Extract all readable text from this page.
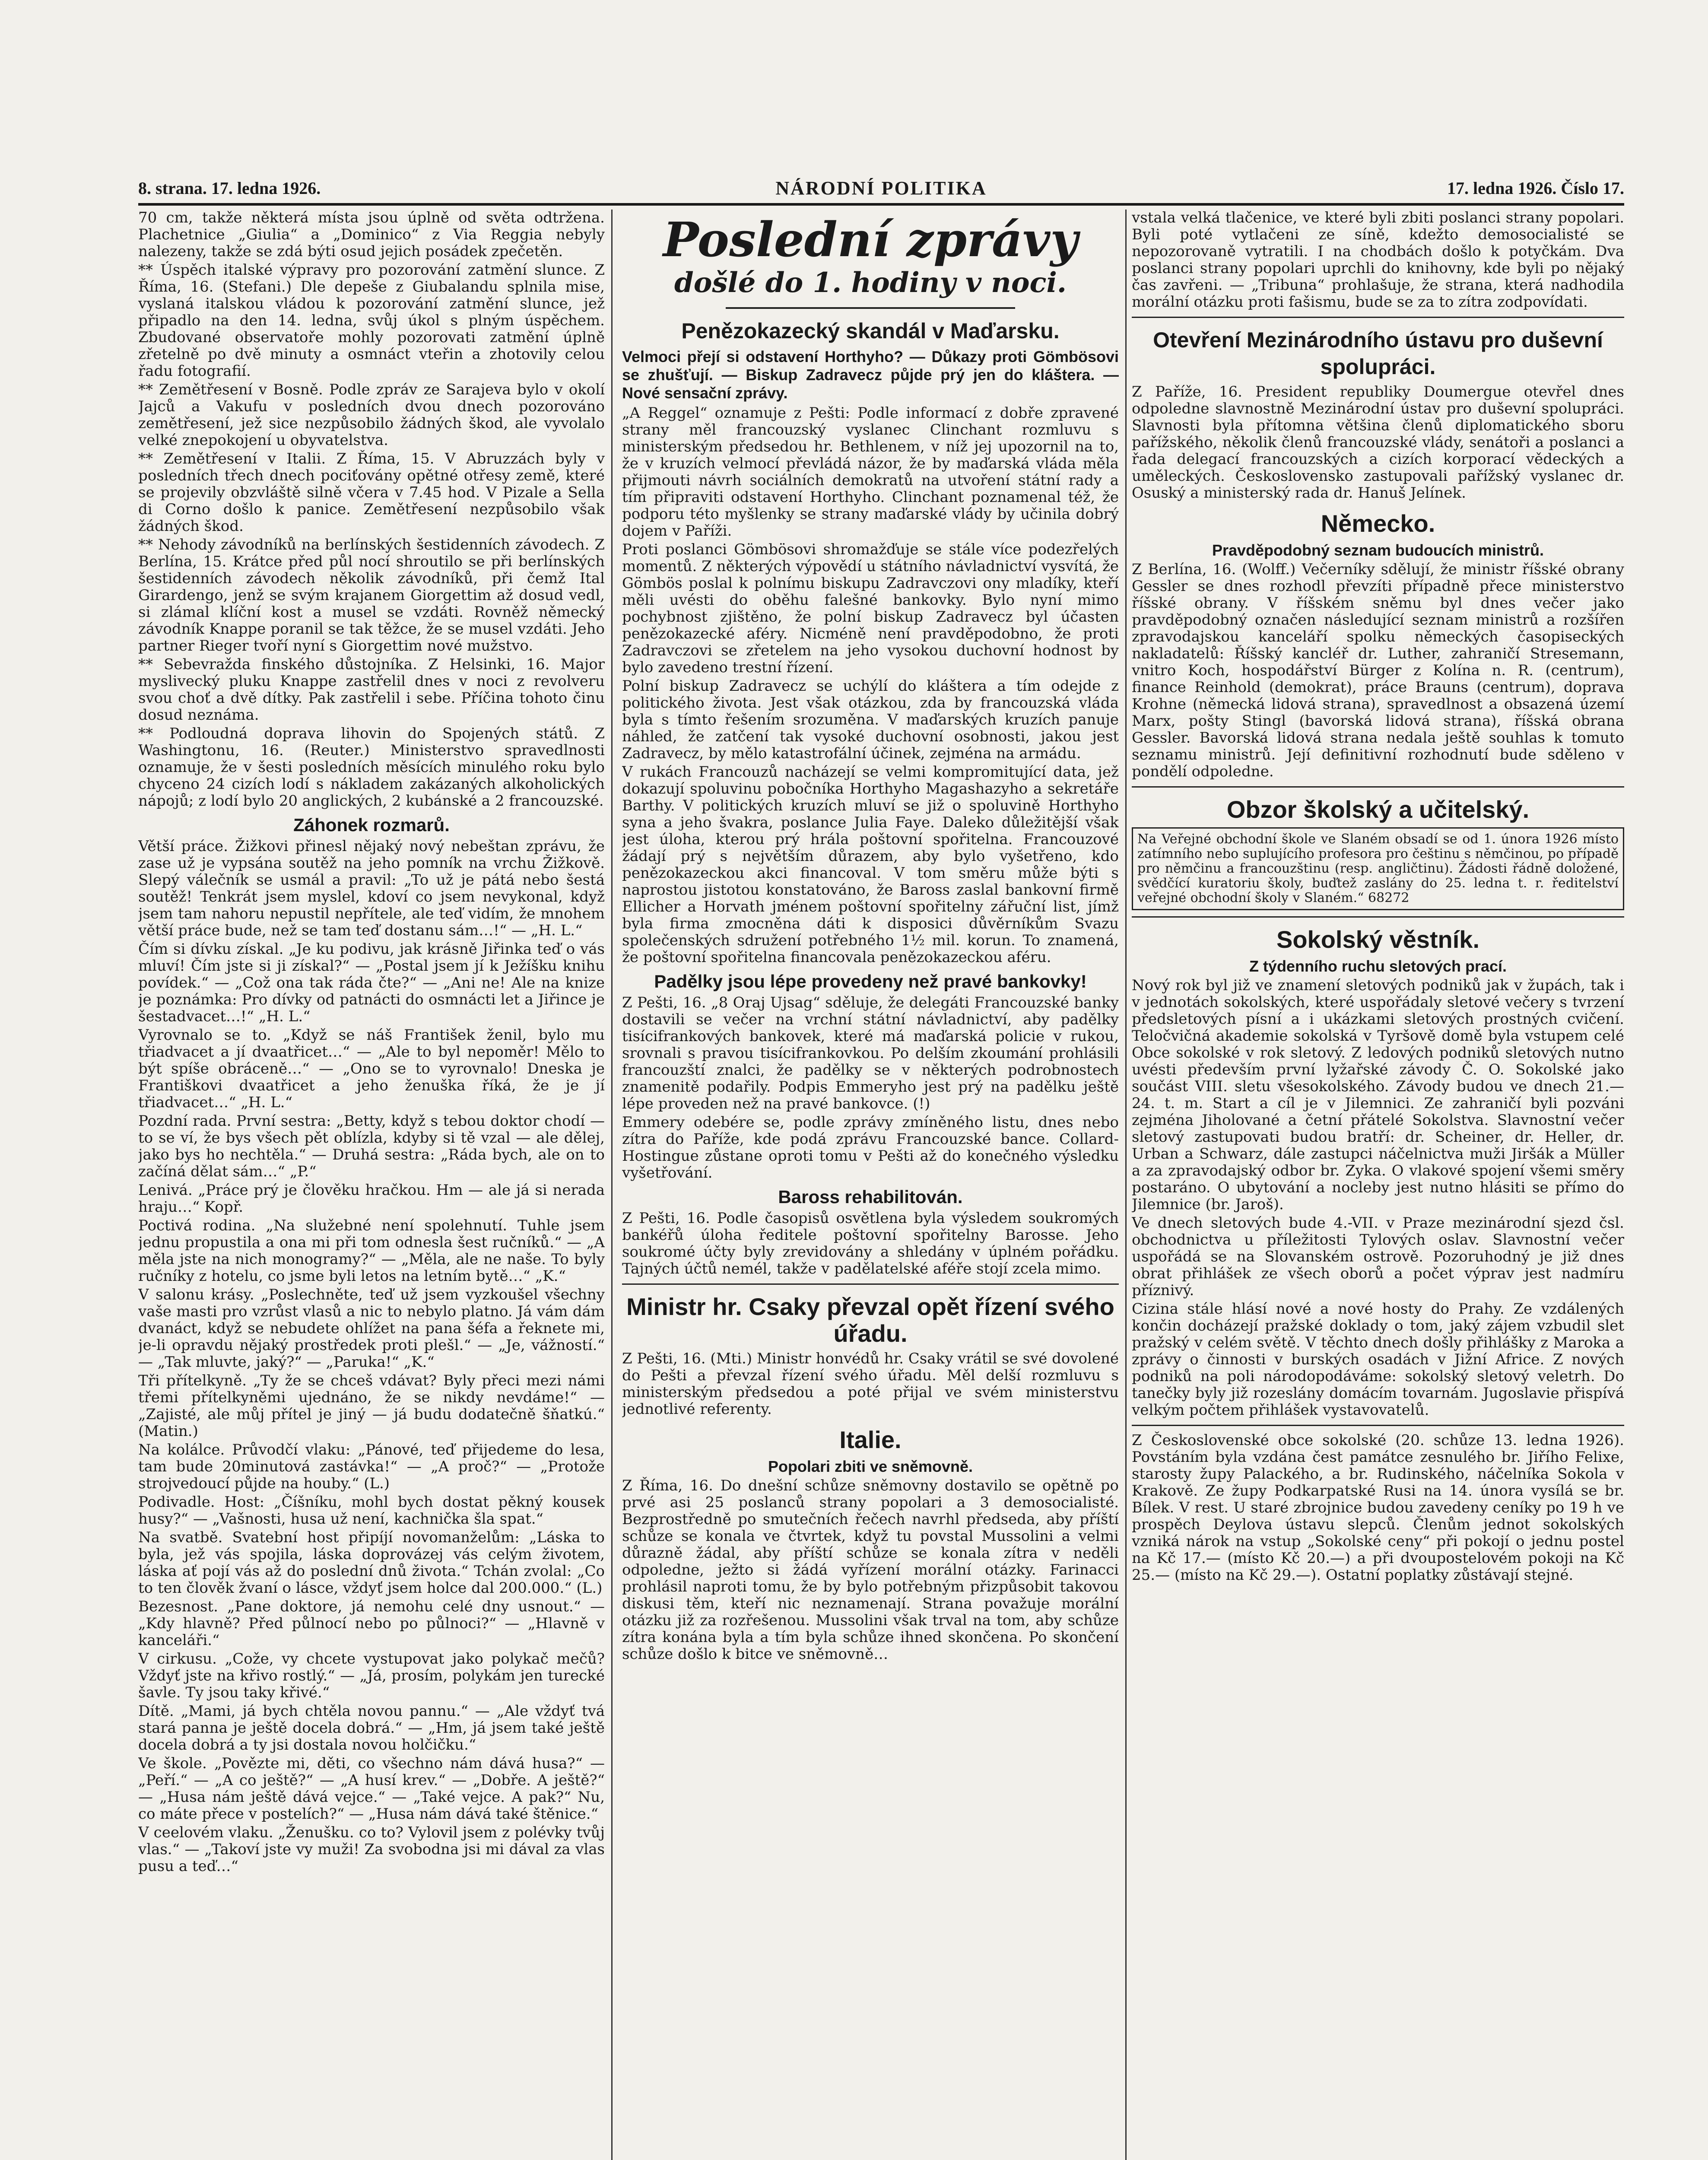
8. strana. 17. ledna 1926.	NÁRODNÍ POLITIKA	17. ledna 1926. Číslo 17.

70 cm, takže některá místa jsou úplně od světa odtržena. Plachetnice „Giulia“ a „Dominico“ z Via Reggia nebyly nalezeny, takže se zdá býti osud jejich posádek zpečetěn.

** Úspěch italské výpravy pro pozorování zatmění slunce. Z Říma, 16. (Stefani.) Dle depeše z Giubalandu splnila mise, vyslaná italskou vládou k pozorování zatmění slunce, jež připadlo na den 14. ledna, svůj úkol s plným úspěchem. Zbudované observatoře mohly pozorovati zatmění úplně zřetelně po dvě minuty a osmnáct vteřin a zhotovily celou řadu fotografií.

** Zemětřesení v Bosně. Podle zpráv ze Sarajeva bylo v okolí Jajců a Vakufu v posledních dvou dnech pozorováno zemětřesení, jež sice nezpůsobilo žádných škod, ale vyvolalo velké znepokojení u obyvatelstva.

** Zemětřesení v Italii. Z Říma, 15. V Abruzzách byly v posledních třech dnech pociťovány opětné otřesy země, které se projevily obzvláště silně včera v 7.45 hod. V Pizale a Sella di Corno došlo k panice. Zemětřesení nezpůsobilo však žádných škod.

** Nehody závodníků na berlínských šestidenních závodech. Z Berlína, 15. Krátce před půl nocí shroutilo se při berlínských šestidenních závodech několik závodníků, při čemž Ital Girardengo, jenž se svým krajanem Giorgettim až dosud vedl, si zlámal klíční kost a musel se vzdáti. Rovněž německý závodník Knappe poranil se tak těžce, že se musel vzdáti. Jeho partner Rieger tvoří nyní s Giorgettim nové mužstvo.

** Sebevražda finského důstojníka. Z Helsinki, 16. Major myslivecký pluku Knappe zastřelil dnes v noci z revolveru svou choť a dvě dítky. Pak zastřelil i sebe. Příčina tohoto činu dosud neznáma.

** Podloudná doprava lihovin do Spojených států. Z Washingtonu, 16. (Reuter.) Ministerstvo spravedlnosti oznamuje, že v šesti posledních měsících minulého roku bylo chyceno 24 cizích lodí s nákladem zakázaných alkoholických nápojů; z lodí bylo 20 anglických, 2 kubánské a 2 francouzské.

Záhonek rozmarů.

Větší práce. Žižkovi přinesl nějaký nový nebeštan zprávu, že zase už je vypsána soutěž na jeho pomník na vrchu Žižkově. Slepý válečník se usmál a pravil: „To už je pátá nebo šestá soutěž! Tenkrát jsem myslel, kdoví co jsem nevykonal, když jsem tam nahoru nepustil nepřítele, ale teď vidím, že mnohem větší práce bude, než se tam teď dostanu sám…!“ — „H. L.“

Čím si dívku získal. „Je ku podivu, jak krásně Jiřinka teď o vás mluví! Čím jste si ji získal?“ — „Postal jsem jí k Ježíšku knihu povídek.“ — „Což ona tak ráda čte?“ — „Ani ne! Ale na knize je poznámka: Pro dívky od patnácti do osmnácti let a Jiřince je šestadvacet…!“ „H. L.“

Vyrovnalo se to. „Když se náš František ženil, bylo mu třiadvacet a jí dvaatřicet…“ — „Ale to byl nepoměr! Mělo to být spíše obráceně…“ — „Ono se to vyrovnalo! Dneska je Františkovi dvaatřicet a jeho ženuška říká, že je jí třiadvacet…“ „H. L.“

Pozdní rada. První sestra: „Betty, když s tebou doktor chodí — to se ví, že bys všech pět oblízla, kdyby si tě vzal — ale dělej, jako bys ho nechtěla.“ — Druhá sestra: „Ráda bych, ale on to začíná dělat sám…“ „P.“

Lenivá. „Práce prý je člověku hračkou. Hm — ale já si nerada hraju…“ Kopř.

Poctivá rodina. „Na služebné není spolehnutí. Tuhle jsem jednu propustila a ona mi při tom odnesla šest ručníků.“ — „A měla jste na nich monogramy?“ — „Měla, ale ne naše. To byly ručníky z hotelu, co jsme byli letos na letním bytě…“ „K.“

V salonu krásy. „Poslechněte, teď už jsem vyzkoušel všechny vaše masti pro vzrůst vlasů a nic to nebylo platno. Já vám dám dvanáct, když se nebudete ohlížet na pana šéfa a řeknete mi, je-li opravdu nějaký prostředek proti plešl.“ — „Je, vážností.“ — „Tak mluvte, jaký?“ — „Paruka!“ „K.“

Tři přítelkyně. „Ty že se chceš vdávat? Byly přeci mezi námi třemi přítelkyněmi ujednáno, že se nikdy nevdáme!“ — „Zajisté, ale můj přítel je jiný — já budu dodatečně šňatkú.“ (Matin.)

Na kolálce. Průvodčí vlaku: „Pánové, teď přijedeme do lesa, tam bude 20minutová zastávka!“ — „A proč?“ — „Protože strojvedoucí půjde na houby.“ (L.)

Podivadle. Host: „Číšníku, mohl bych dostat pěkný kousek husy?“ — „Vašnosti, husa už není, kachnička šla spat.“

Na svatbě. Svatební host připíjí novomanželům: „Láska to byla, jež vás spojila, láska doprovázej vás celým životem, láska ať pojí vás až do poslední dnů života.“ Tchán zvolal: „Co to ten člověk žvaní o lásce, vždyť jsem holce dal 200.000.“ (L.)

Bezesnost. „Pane doktore, já nemohu celé dny usnout.“ — „Kdy hlavně? Před půlnocí nebo po půlnoci?“ — „Hlavně v kanceláři.“

V cirkusu. „Cože, vy chcete vystupovat jako polykač mečů? Vždyť jste na křivo rostlý.“ — „Já, prosím, polykám jen turecké šavle. Ty jsou taky křivé.“

Dítě. „Mami, já bych chtěla novou pannu.“ — „Ale vždyť tvá stará panna je ještě docela dobrá.“ — „Hm, já jsem také ještě docela dobrá a ty jsi dostala novou holčičku.“

Ve škole. „Povězte mi, děti, co všechno nám dává husa?“ — „Peří.“ — „A co ještě?“ — „A husí krev.“ — „Dobře. A ještě?“ — „Husa nám ještě dává vejce.“ — „Také vejce. A pak?“ Nu, co máte přece v postelích?“ — „Husa nám dává také štěnice.“

V ceelovém vlaku. „Ženušku. co to? Vylovil jsem z polévky tvůj vlas.“ — „Takoví jste vy muži! Za svobodna jsi mi dával za vlas pusu a teď…“

Poslední zprávy
došlé do 1. hodiny v noci.
Penězokazecký skandál v Maďarsku.
Velmoci přejí si odstavení Horthyho? — Důkazy proti Gömbösovi se zhušťují. — Biskup Zadravecz půjde prý jen do kláštera. — Nové sensační zprávy.

„A Reggel“ oznamuje z Pešti: Podle informací z dobře zpravené strany měl francouzský vyslanec Clinchant rozmluvu s ministerským předsedou hr. Bethlenem, v níž jej upozornil na to, že v kruzích velmocí převládá názor, že by maďarská vláda měla přijmouti návrh sociálních demokratů na utvoření státní rady a tím připraviti odstavení Horthyho. Clinchant poznamenal též, že podporu této myšlenky se strany maďarské vlády by učinila dobrý dojem v Paříži.

Proti poslanci Gömbösovi shromažďuje se stále více podezřelých momentů. Z některých výpovědí u státního návladnictví vysvítá, že Gömbös poslal k polnímu biskupu Zadravczovi ony mladíky, kteří měli uvésti do oběhu falešné bankovky. Bylo nyní mimo pochybnost zjištěno, že polní biskup Zadravecz byl účasten penězokazecké aféry. Nicméně není pravděpodobno, že proti Zadravczovi se zřetelem na jeho vysokou duchovní hodnost by bylo zavedeno trestní řízení.

Polní biskup Zadravecz se uchýlí do kláštera a tím odejde z politického života. Jest však otázkou, zda by francouzská vláda byla s tímto řešením srozuměna. V maďarských kruzích panuje náhled, že zatčení tak vysoké duchovní osobnosti, jakou jest Zadravecz, by mělo katastrofální účinek, zejména na armádu.

V rukách Francouzů nacházejí se velmi kompromitující data, jež dokazují spoluvinu pobočníka Horthyho Magashazyho a sekretáře Barthy. V politických kruzích mluví se již o spoluvině Horthyho syna a jeho švakra, poslance Julia Faye. Daleko důležitější však jest úloha, kterou prý hrála poštovní spořitelna. Francouzové žádají prý s největším důrazem, aby bylo vyšetřeno, kdo penězokazeckou akci financoval. V tom směru může býti s naprostou jistotou konstatováno, že Baross zaslal bankovní firmě Ellicher a Horvath jménem poštovní spořitelny zářuční list, jímž byla firma zmocněna dáti k disposici důvěrníkům Svazu společenských sdružení potřebného 1½ mil. korun. To znamená, že poštovní spořitelna financovala penězokazeckou aféru.

Padělky jsou lépe provedeny než pravé bankovky!

Z Pešti, 16. „8 Oraj Ujsag“ sděluje, že delegáti Francouzské banky dostavili se večer na vrchní státní návladnictví, aby padělky tisícifrankových bankovek, které má maďarská policie v rukou, srovnali s pravou tisícifrankovkou. Po delším zkoumání prohlásili francouzští znalci, že padělky se v některých podrobnostech znamenitě podařily. Podpis Emmeryho jest prý na padělku ještě lépe proveden než na pravé bankovce. (!)

Emmery odebére se, podle zprávy zmíněného listu, dnes nebo zítra do Paříže, kde podá zprávu Francouzské bance. Collard-Hostingue zůstane oproti tomu v Pešti až do konečného výsledku vyšetřování.

Baross rehabilitován.

Z Pešti, 16. Podle časopisů osvětlena byla výsledem soukromých bankéřů úloha ředitele poštovní spořitelny Barosse. Jeho soukromé účty byly zrevidovány a shledány v úplném pořádku. Tajných účtů nemél, takže v padělatelské aféře stojí zcela mimo.

Ministr hr. Csaky převzal opět řízení svého úřadu.

Z Pešti, 16. (Mti.) Ministr honvédů hr. Csaky vrátil se své dovolené do Pešti a převzal řízení svého úřadu. Měl delší rozmluvu s ministerským předsedou a poté přijal ve svém ministerstvu jednotlivé referenty.

Italie.
Popolari zbiti ve sněmovně.

Z Říma, 16. Do dnešní schůze sněmovny dostavilo se opětně po prvé asi 25 poslanců strany popolari a 3 demosocialisté. Bezprostředně po smutečních řečech navrhl předseda, aby příští schůze se konala ve čtvrtek, když tu povstal Mussolini a velmi důrazně žádal, aby příští schůze se konala zítra v neděli odpoledne, ježto si žádá vyřízení morální otázky. Farinacci prohlásil naproti tomu, že by bylo potřebným přizpůsobit takovou diskusi těm, kteří nic neznamenají. Strana považuje morální otázku již za rozřešenou. Mussolini však trval na tom, aby schůze zítra konána byla a tím byla schůze ihned skončena. Po skončení schůze došlo k bitce ve sněmovně…

vstala velká tlačenice, ve které byli zbiti poslanci strany popolari. Byli poté vytlačeni ze síně, kdežto demosocialisté se nepozorovaně vytratili. I na chodbách došlo k potyčkám. Dva poslanci strany popolari uprchli do knihovny, kde byli po nějaký čas zavřeni. — „Tribuna“ prohlašuje, že strana, která nadhodila morální otázku proti fašismu, bude se za to zítra zodpovídati.

Otevření Mezinárodního ústavu pro duševní spolupráci.

Z Paříže, 16. President republiky Doumergue otevřel dnes odpoledne slavnostně Mezinárodní ústav pro duševní spolupráci. Slavnosti byla přítomna většina členů diplomatického sboru pařížského, několik členů francouzské vlády, senátoři a poslanci a řada delegací francouzských a cizích korporací vědeckých a uměleckých. Československo zastupovali pařížský vyslanec dr. Osuský a ministerský rada dr. Hanuš Jelínek.

Německo.
Pravděpodobný seznam budoucích ministrů.

Z Berlína, 16. (Wolff.) Večerníky sdělují, že ministr říšské obrany Gessler se dnes rozhodl převzíti případně přece ministerstvo říšské obrany. V říšském sněmu byl dnes večer jako pravděpodobný označen následující seznam ministrů a rozšířen zpravodajskou kanceláří spolku německých časopiseckých nakladatelů: Říšský kancléř dr. Luther, zahraničí Stresemann, vnitro Koch, hospodářství Bürger z Kolína n. R. (centrum), finance Reinhold (demokrat), práce Brauns (centrum), doprava Krohne (německá lidová strana), spravedlnost a obsazená území Marx, pošty Stingl (bavorská lidová strana), říšská obrana Gessler. Bavorská lidová strana nedala ještě souhlas k tomuto seznamu ministrů. Její definitivní rozhodnutí bude sděleno v pondělí odpoledne.

Obzor školský a učitelský.
Na Veřejné obchodní škole ve Slaném obsadí se od 1. února 1926 místo zatímního nebo suplujícího profesora pro češtinu s němčinou, po případě pro němčinu a francouzštinu (resp. angličtinu). Žádosti řádně doložené, svědčící kuratoriu školy, buďtež zaslány do 25. ledna t. r. ředitelství veřejné obchodní školy v Slaném.“ 68272
Sokolský věstník.
Z týdenního ruchu sletových prací.

Nový rok byl již ve znamení sletových podniků jak v župách, tak i v jednotách sokolských, které uspořádaly sletové večery s tvrzení předsletových písní a i ukázkami sletových prostných cvičení. Teločvičná akademie sokolská v Tyršově domě byla vstupem celé Obce sokolské v rok sletový. Z ledových podniků sletových nutno uvésti především první lyžařské závody Č. O. Sokolské jako součást VIII. sletu všesokolského. Závody budou ve dnech 21.—24. t. m. Start a cíl je v Jilemnici. Ze zahraničí byli pozváni zejména Jiholované a četní přátelé Sokolstva. Slavnostní večer sletový zastupovati budou bratří: dr. Scheiner, dr. Heller, dr. Urban a Schwarz, dále zastupci náčelnictva muži Jiršák a Müller a za zpravodajský odbor br. Zyka. O vlakové spojení všemi směry postaráno. O ubytování a nocleby jest nutno hlásiti se přímo do Jilemnice (br. Jaroš).

Ve dnech sletových bude 4.-VII. v Praze mezinárodní sjezd čsl. obchodnictva u příležitosti Tylových oslav. Slavnostní večer uspořádá se na Slovanském ostrově. Pozoruhodný je již dnes obrat přihlášek ze všech oborů a počet výprav jest nadmíru příznivý.

Cizina stále hlásí nové a nové hosty do Prahy. Ze vzdálených končin docházejí pražské doklady o tom, jaký zájem vzbudil slet pražský v celém světě. V těchto dnech došly přihlášky z Maroka a zprávy o činnosti v burských osadách v Jižní Africe. Z nových podniků na poli národopodáváme: sokolský sletový veletrh. Do tanečky byly již rozeslány domácím tovarnám. Jugoslavie přispívá velkým počtem přihlášek vystavovatelů.

Z Československé obce sokolské (20. schůze 13. ledna 1926). Povstáním byla vzdána čest památce zesnulého br. Jiřího Felixe, starosty župy Palackého, a br. Rudinského, náčelníka Sokola v Krakově. Ze župy Podkarpatské Rusi na 14. února vysílá se br. Bílek. V rest. U staré zbrojnice budou zavedeny ceníky po 19 h ve prospěch Deylova ústavu slepců. Členům jednot sokolských vzniká nárok na vstup „Sokolské ceny“ při pokojí o jednu postel na Kč 17.— (místo Kč 20.—) a při dvoupostelovém pokoji na Kč 25.— (místo na Kč 29.—). Ostatní poplatky zůstávají stejné.
